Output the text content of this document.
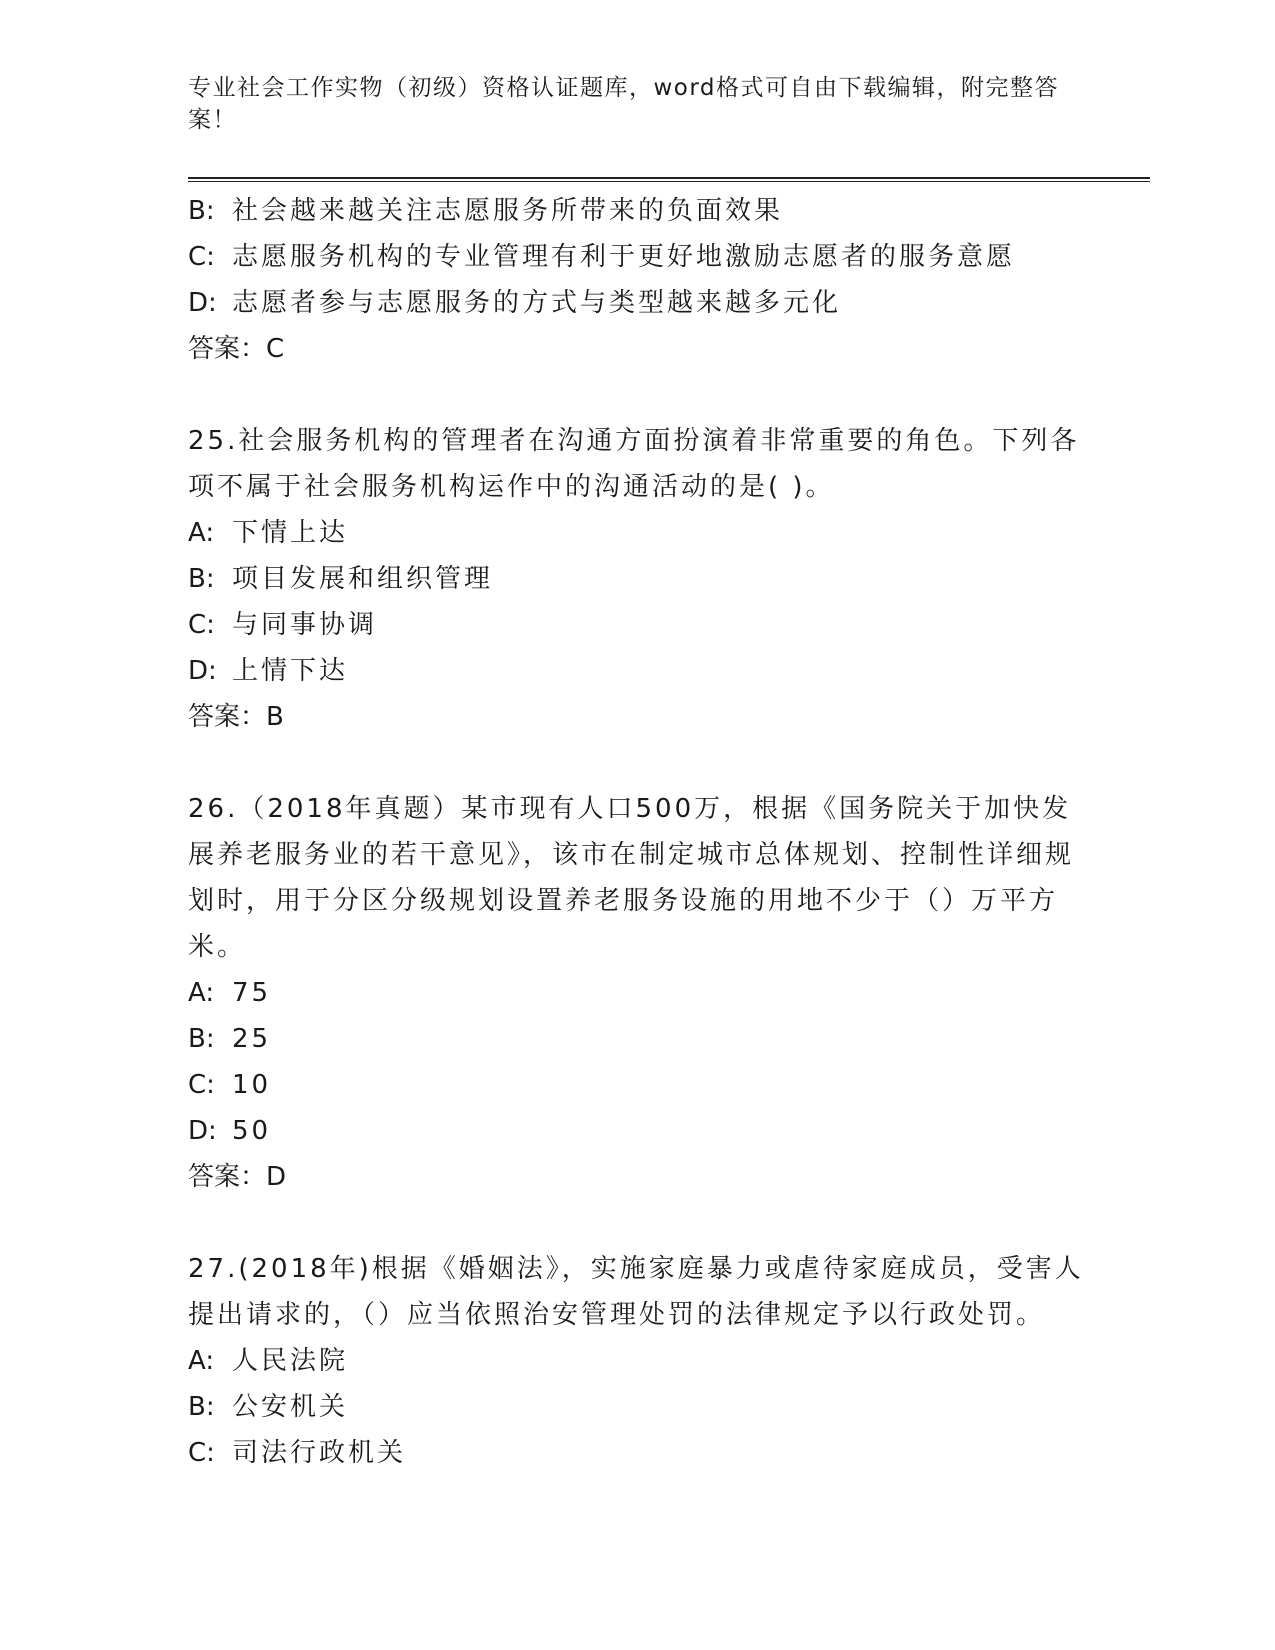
专业社会工作实物（初级）资格认证题库，word格式可自由下载编辑，附完整答案！
B: 社会越来越关注志愿服务所带来的负面效果
C: 志愿服务机构的专业管理有利于更好地激励志愿者的服务意愿
D: 志愿者参与志愿服务的方式与类型越来越多元化
答案：C
25.社会服务机构的管理者在沟通方面扮演着非常重要的角色。下列各项不属于社会服务机构运作中的沟通活动的是( )。
A: 下情上达
B: 项目发展和组织管理
C: 与同事协调
D: 上情下达
答案：B
26.（2018年真题）某市现有人口500万，根据《国务院关于加快发展养老服务业的若干意见》，该市在制定城市总体规划、控制性详细规划时，用于分区分级规划设置养老服务设施的用地不少于（）万平方米。
A: 75
B: 25
C: 10
D: 50
答案：D
27.(2018年)根据《婚姻法》，实施家庭暴力或虐待家庭成员，受害人提出请求的，（）应当依照治安管理处罚的法律规定予以行政处罚。
A: 人民法院
B: 公安机关
C: 司法行政机关
